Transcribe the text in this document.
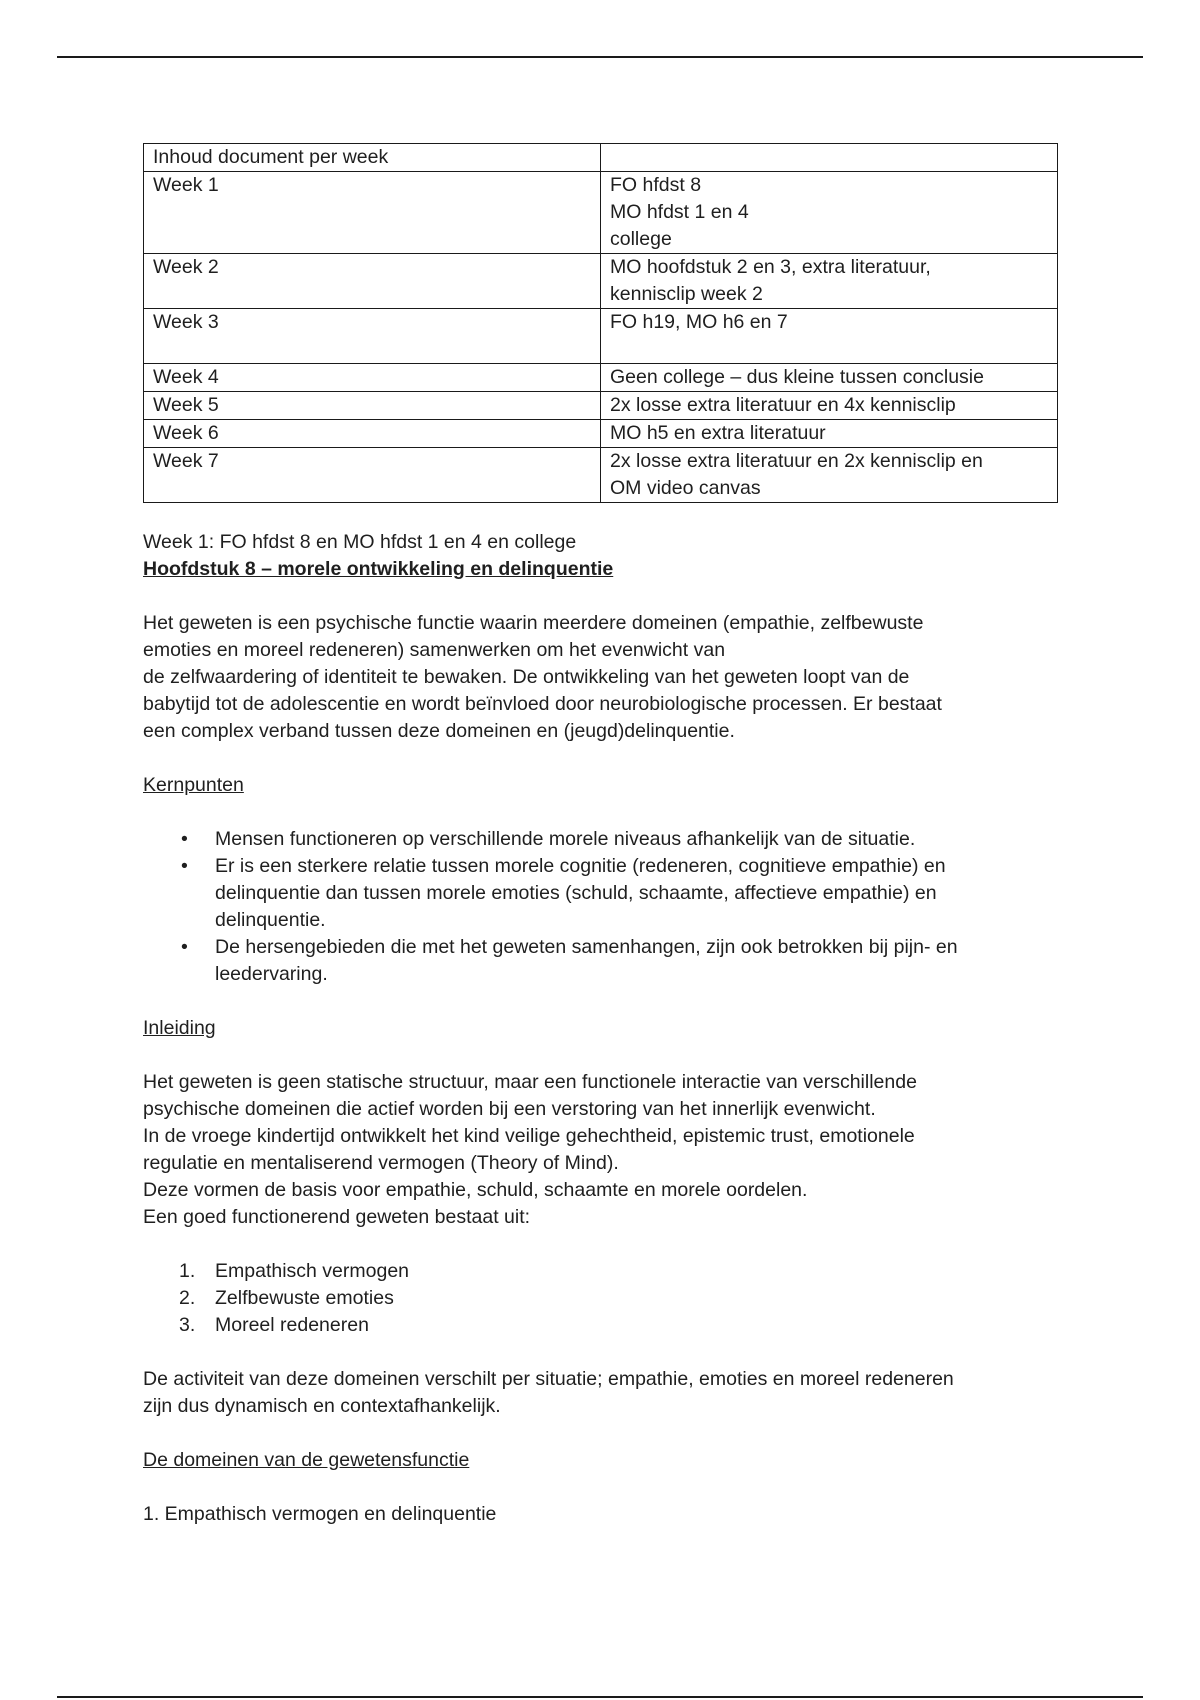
Inhoud document per week	
Week 1	FO hfdst 8
MO hfdst 1 en 4
college

Week 2	MO hoofdstuk 2 en 3, extra literatuur,
kennisclip week 2

Week 3	FO h19, MO h6 en 7

Week 4	Geen college – dus kleine tussen conclusie

Week 5	2x losse extra literatuur en 4x kennisclip

Week 6	MO h5 en extra literatuur

Week 7	2x losse extra literatuur en 2x kennisclip en
OM video canvas

Week 1: FO hfdst 8 en MO hfdst 1 en 4 en college

Hoofdstuk 8 – morele ontwikkeling en delinquentie

Het geweten is een psychische functie waarin meerdere domeinen (empathie, zelfbewuste

emoties en moreel redeneren) samenwerken om het evenwicht van

de zelfwaardering of identiteit te bewaken. De ontwikkeling van het geweten loopt van de

babytijd tot de adolescentie en wordt beïnvloed door neurobiologische processen. Er bestaat

een complex verband tussen deze domeinen en (jeugd)delinquentie.

Kernpunten

• Mensen functioneren op verschillende morele niveaus afhankelijk van de situatie.
• Er is een sterkere relatie tussen morele cognitie (redeneren, cognitieve empathie) en
delinquentie dan tussen morele emoties (schuld, schaamte, affectieve empathie) en
delinquentie.
• De hersengebieden die met het geweten samenhangen, zijn ook betrokken bij pijn- en
leedervaring.

Inleiding

Het geweten is geen statische structuur, maar een functionele interactie van verschillende

psychische domeinen die actief worden bij een verstoring van het innerlijk evenwicht.

In de vroege kindertijd ontwikkelt het kind veilige gehechtheid, epistemic trust, emotionele

regulatie en mentaliserend vermogen (Theory of Mind).

Deze vormen de basis voor empathie, schuld, schaamte en morele oordelen.

Een goed functionerend geweten bestaat uit:

1. Empathisch vermogen
2. Zelfbewuste emoties
3. Moreel redeneren

De activiteit van deze domeinen verschilt per situatie; empathie, emoties en moreel redeneren

zijn dus dynamisch en contextafhankelijk.

De domeinen van de gewetensfunctie

1. Empathisch vermogen en delinquentie
